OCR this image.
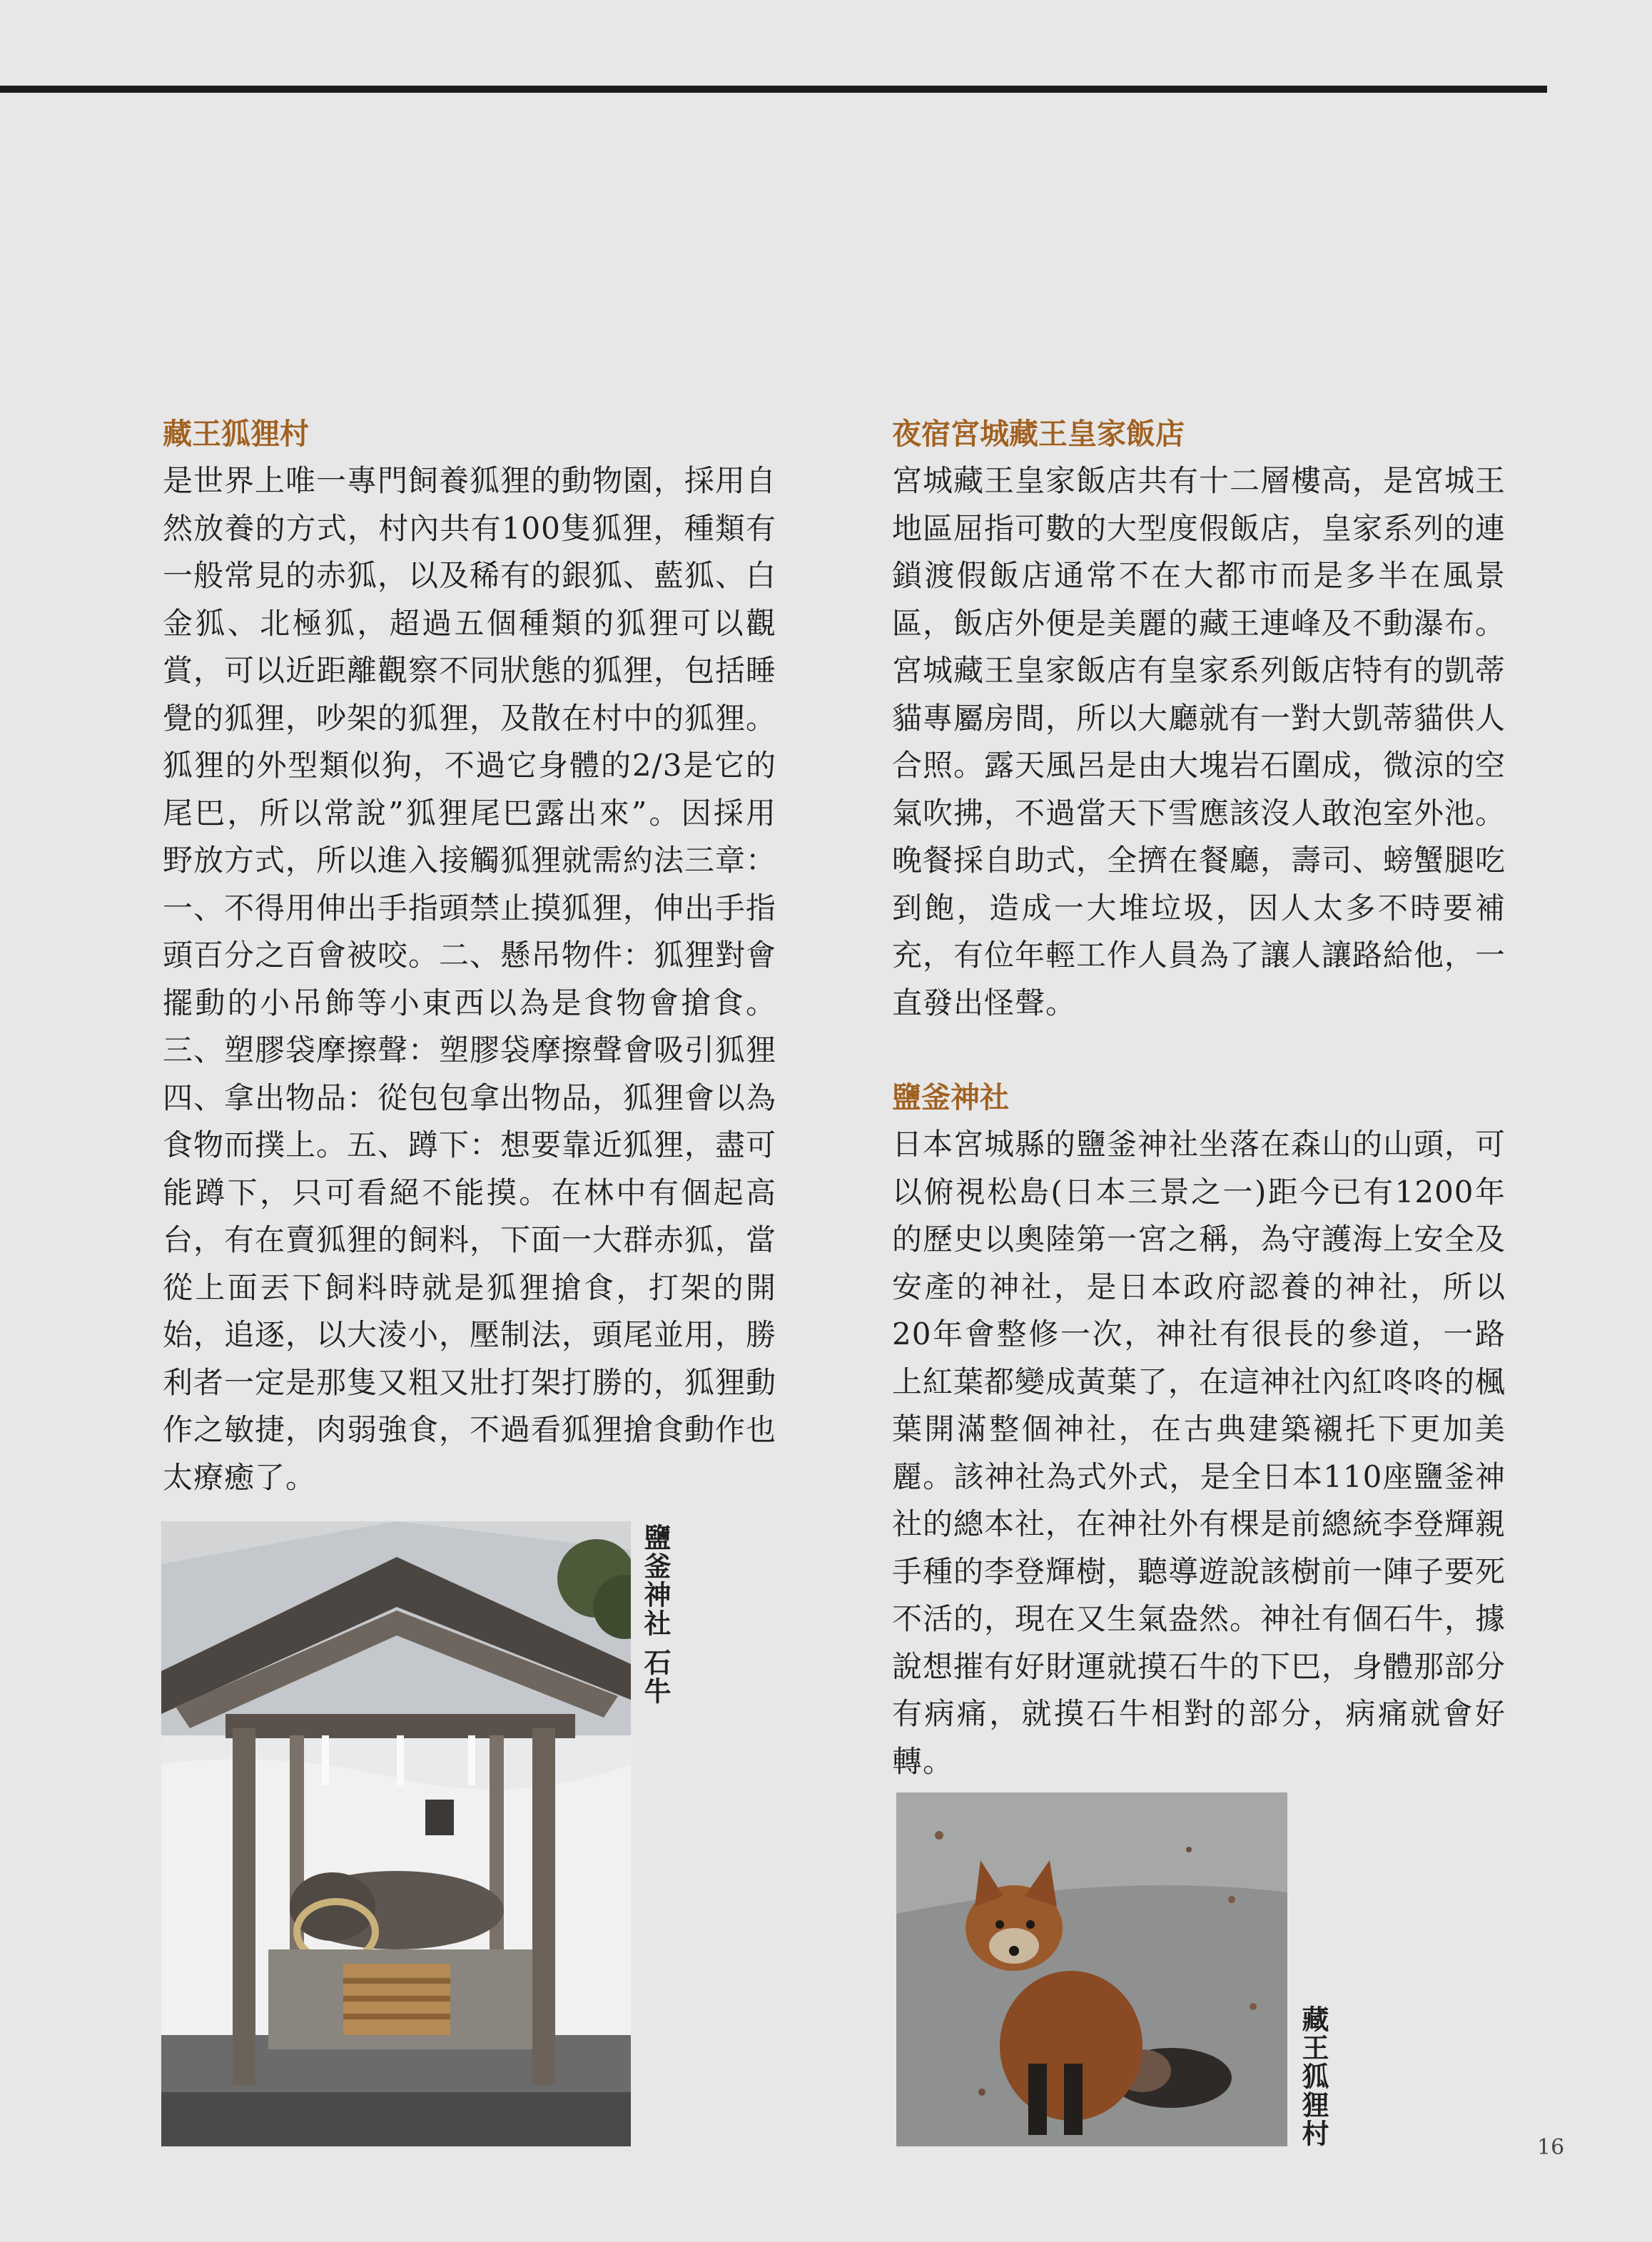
藏王狐狸村

是世界上唯一專門飼養狐狸的動物園，採用自然放養的方式，村內共有100隻狐狸，種類有一般常見的赤狐，以及稀有的銀狐、藍狐、白金狐、北極狐，超過五個種類的狐狸可以觀賞，可以近距離觀察不同狀態的狐狸，包括睡覺的狐狸，吵架的狐狸，及散在村中的狐狸。狐狸的外型類似狗，不過它身體的2/3是它的尾巴，所以常說”狐狸尾巴露出來”。因採用野放方式，所以進入接觸狐狸就需約法三章：一、不得用伸出手指頭禁止摸狐狸，伸出手指頭百分之百會被咬。二、懸吊物件：狐狸對會擺動的小吊飾等小東西以為是食物會搶食。三、塑膠袋摩擦聲：塑膠袋摩擦聲會吸引狐狸四、拿出物品：從包包拿出物品，狐狸會以為食物而撲上。五、蹲下：想要靠近狐狸，盡可能蹲下，只可看絕不能摸。在林中有個起高台，有在賣狐狸的飼料，下面一大群赤狐，當從上面丟下飼料時就是狐狸搶食，打架的開始，追逐，以大淩小，壓制法，頭尾並用，勝利者一定是那隻又粗又壯打架打勝的，狐狸動作之敏捷，肉弱強食，不過看狐狸搶食動作也太療癒了。

夜宿宮城藏王皇家飯店

宮城藏王皇家飯店共有十二層樓高，是宮城王地區屈指可數的大型度假飯店，皇家系列的連鎖渡假飯店通常不在大都市而是多半在風景區，飯店外便是美麗的藏王連峰及不動瀑布。宮城藏王皇家飯店有皇家系列飯店特有的凱蒂貓專屬房間，所以大廳就有一對大凱蒂貓供人合照。露天風呂是由大塊岩石圍成，微涼的空氣吹拂，不過當天下雪應該沒人敢泡室外池。晚餐採自助式，全擠在餐廳，壽司、螃蟹腿吃到飽，造成一大堆垃圾，因人太多不時要補充，有位年輕工作人員為了讓人讓路給他，一直發出怪聲。

鹽釜神社

日本宮城縣的鹽釜神社坐落在森山的山頭，可以俯視松島(日本三景之一)距今已有1200年的歷史以奧陸第一宮之稱，為守護海上安全及安產的神社，是日本政府認養的神社，所以20年會整修一次，神社有很長的參道，一路上紅葉都變成黃葉了，在這神社內紅咚咚的楓葉開滿整個神社，在古典建築襯托下更加美麗。該神社為式外式，是全日本110座鹽釜神社的總本社，在神社外有棵是前總統李登輝親手種的李登輝樹，聽導遊說該樹前一陣子要死不活的，現在又生氣盎然。神社有個石牛，據說想摧有好財運就摸石牛的下巴，身體那部分有病痛，就摸石牛相對的部分，病痛就會好轉。

鹽釜神社 石牛
藏王狐狸村	16
